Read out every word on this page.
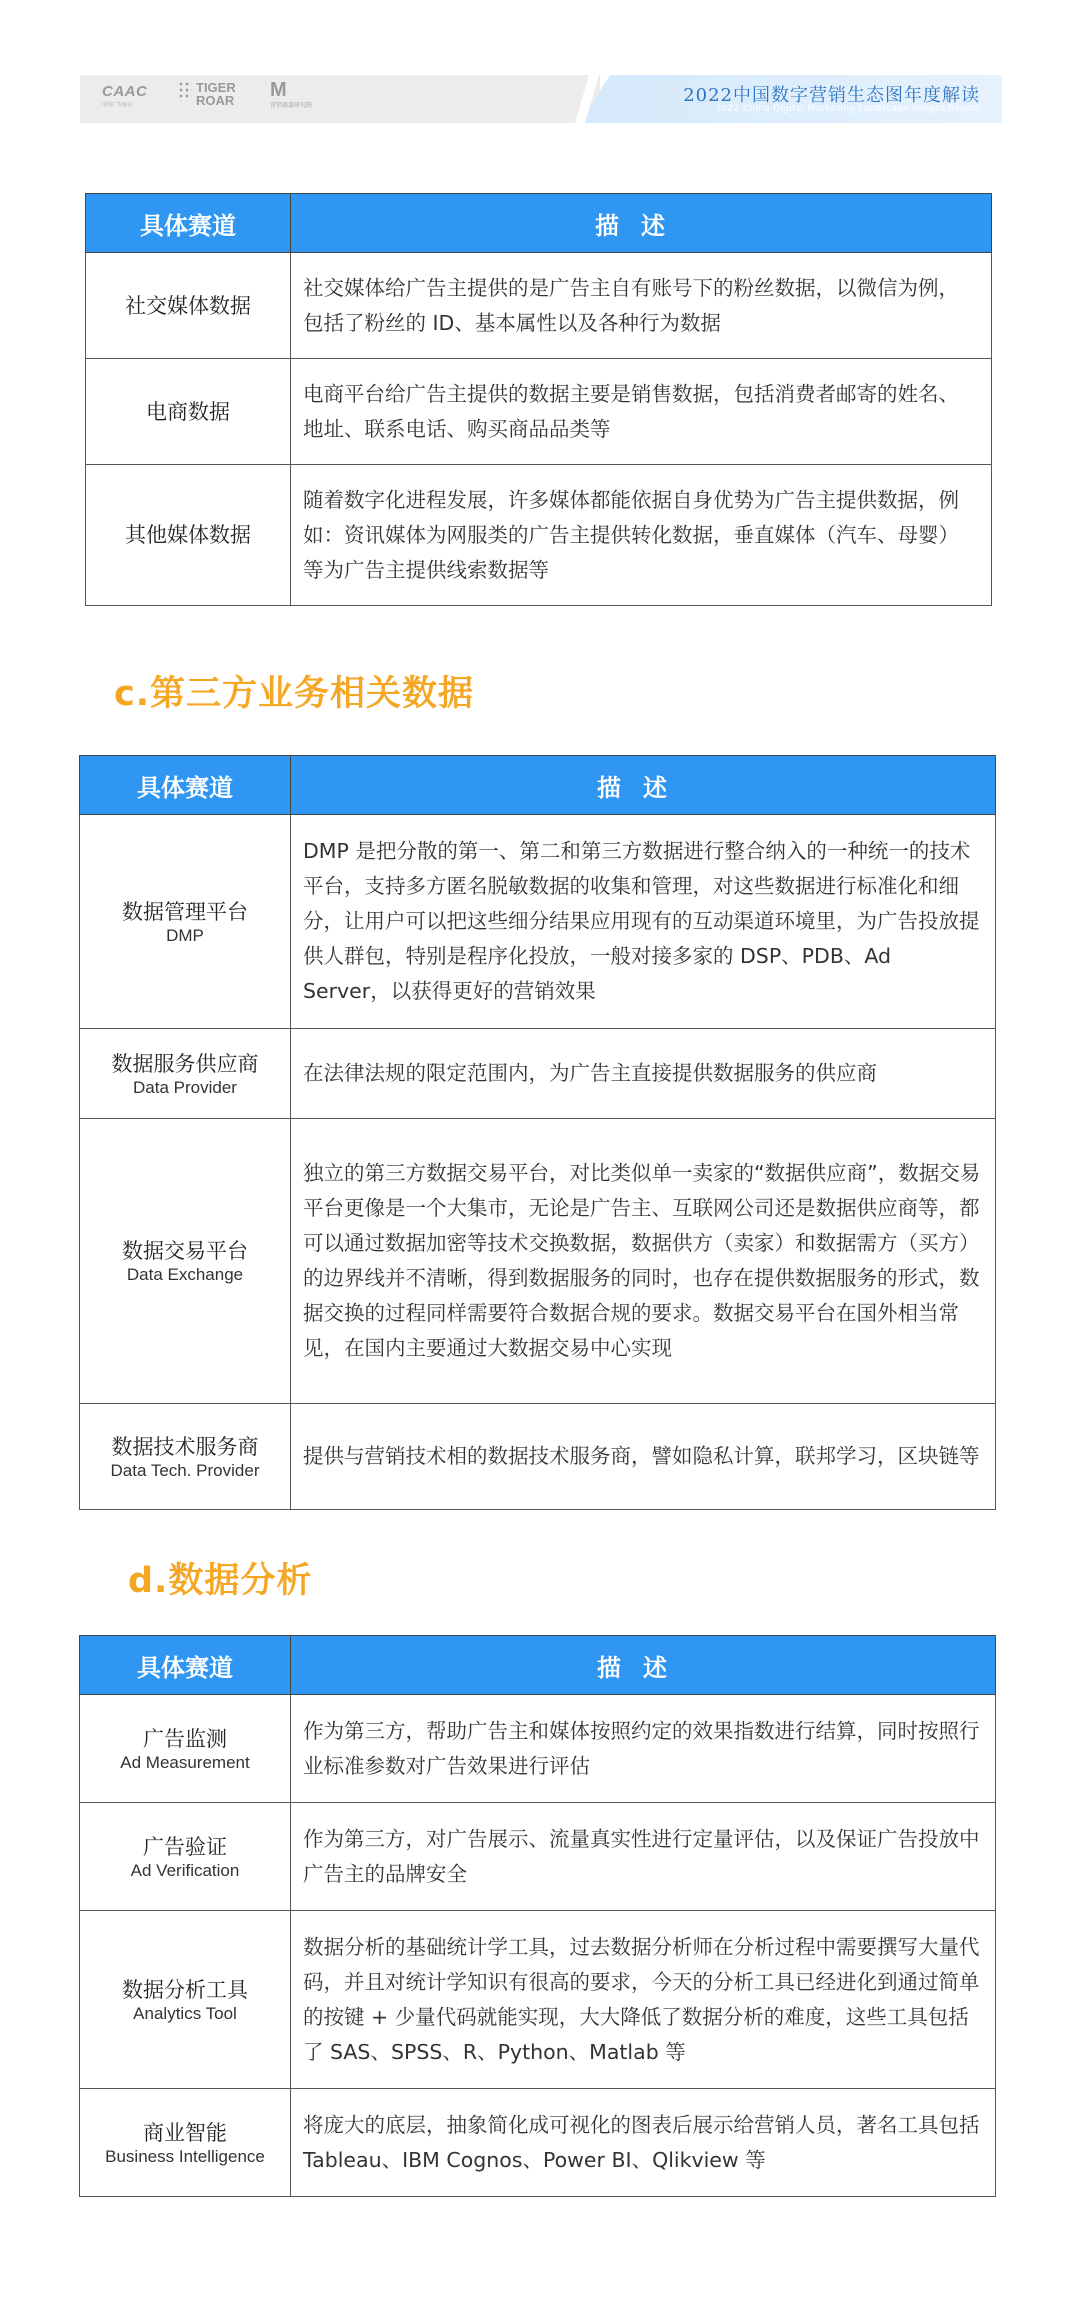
CAAC
中国广告协会
TIGER ROAR M
营销赛道研究院	2022中国数字营销生态图年度解读
2022 China Digital Marketing Landscape Insight Report
具体赛道	描述
社交媒体数据	社交媒体给广告主提供的是广告主自有账号下的粉丝数据，以微信为例，包括了粉丝的 ID、基本属性以及各种行为数据
电商数据	电商平台给广告主提供的数据主要是销售数据，包括消费者邮寄的姓名、地址、联系电话、购买商品品类等
其他媒体数据	随着数字化进程发展，许多媒体都能依据自身优势为广告主提供数据，例如：资讯媒体为网服类的广告主提供转化数据，垂直媒体（汽车、母婴）等为广告主提供线索数据等
c.第三方业务相关数据
具体赛道	描述
数据管理平台
DMP	DMP 是把分散的第一、第二和第三方数据进行整合纳入的一种统一的技术平台，支持多方匿名脱敏数据的收集和管理，对这些数据进行标准化和细分，让用户可以把这些细分结果应用现有的互动渠道环境里，为广告投放提供人群包，特别是程序化投放，一般对接多家的 DSP、PDB、Ad Server，以获得更好的营销效果
数据服务供应商
Data Provider	在法律法规的限定范围内，为广告主直接提供数据服务的供应商
数据交易平台
Data Exchange	独立的第三方数据交易平台，对比类似单一卖家的“数据供应商”，数据交易平台更像是一个大集市，无论是广告主、互联网公司还是数据供应商等，都可以通过数据加密等技术交换数据，数据供方（卖家）和数据需方（买方）的边界线并不清晰，得到数据服务的同时，也存在提供数据服务的形式，数据交换的过程同样需要符合数据合规的要求。数据交易平台在国外相当常见，在国内主要通过大数据交易中心实现
数据技术服务商
Data Tech. Provider	提供与营销技术相的数据技术服务商，譬如隐私计算，联邦学习，区块链等
d.数据分析
具体赛道	描述
广告监测
Ad Measurement	作为第三方，帮助广告主和媒体按照约定的效果指数进行结算，同时按照行业标准参数对广告效果进行评估
广告验证
Ad Verification	作为第三方，对广告展示、流量真实性进行定量评估，以及保证广告投放中广告主的品牌安全
数据分析工具
Analytics Tool	数据分析的基础统计学工具，过去数据分析师在分析过程中需要撰写大量代码，并且对统计学知识有很高的要求，今天的分析工具已经进化到通过简单的按键 + 少量代码就能实现，大大降低了数据分析的难度，这些工具包括了 SAS、SPSS、R、Python、Matlab 等
商业智能
Business Intelligence	将庞大的底层，抽象简化成可视化的图表后展示给营销人员，著名工具包括 Tableau、IBM Cognos、Power BI、Qlikview 等
